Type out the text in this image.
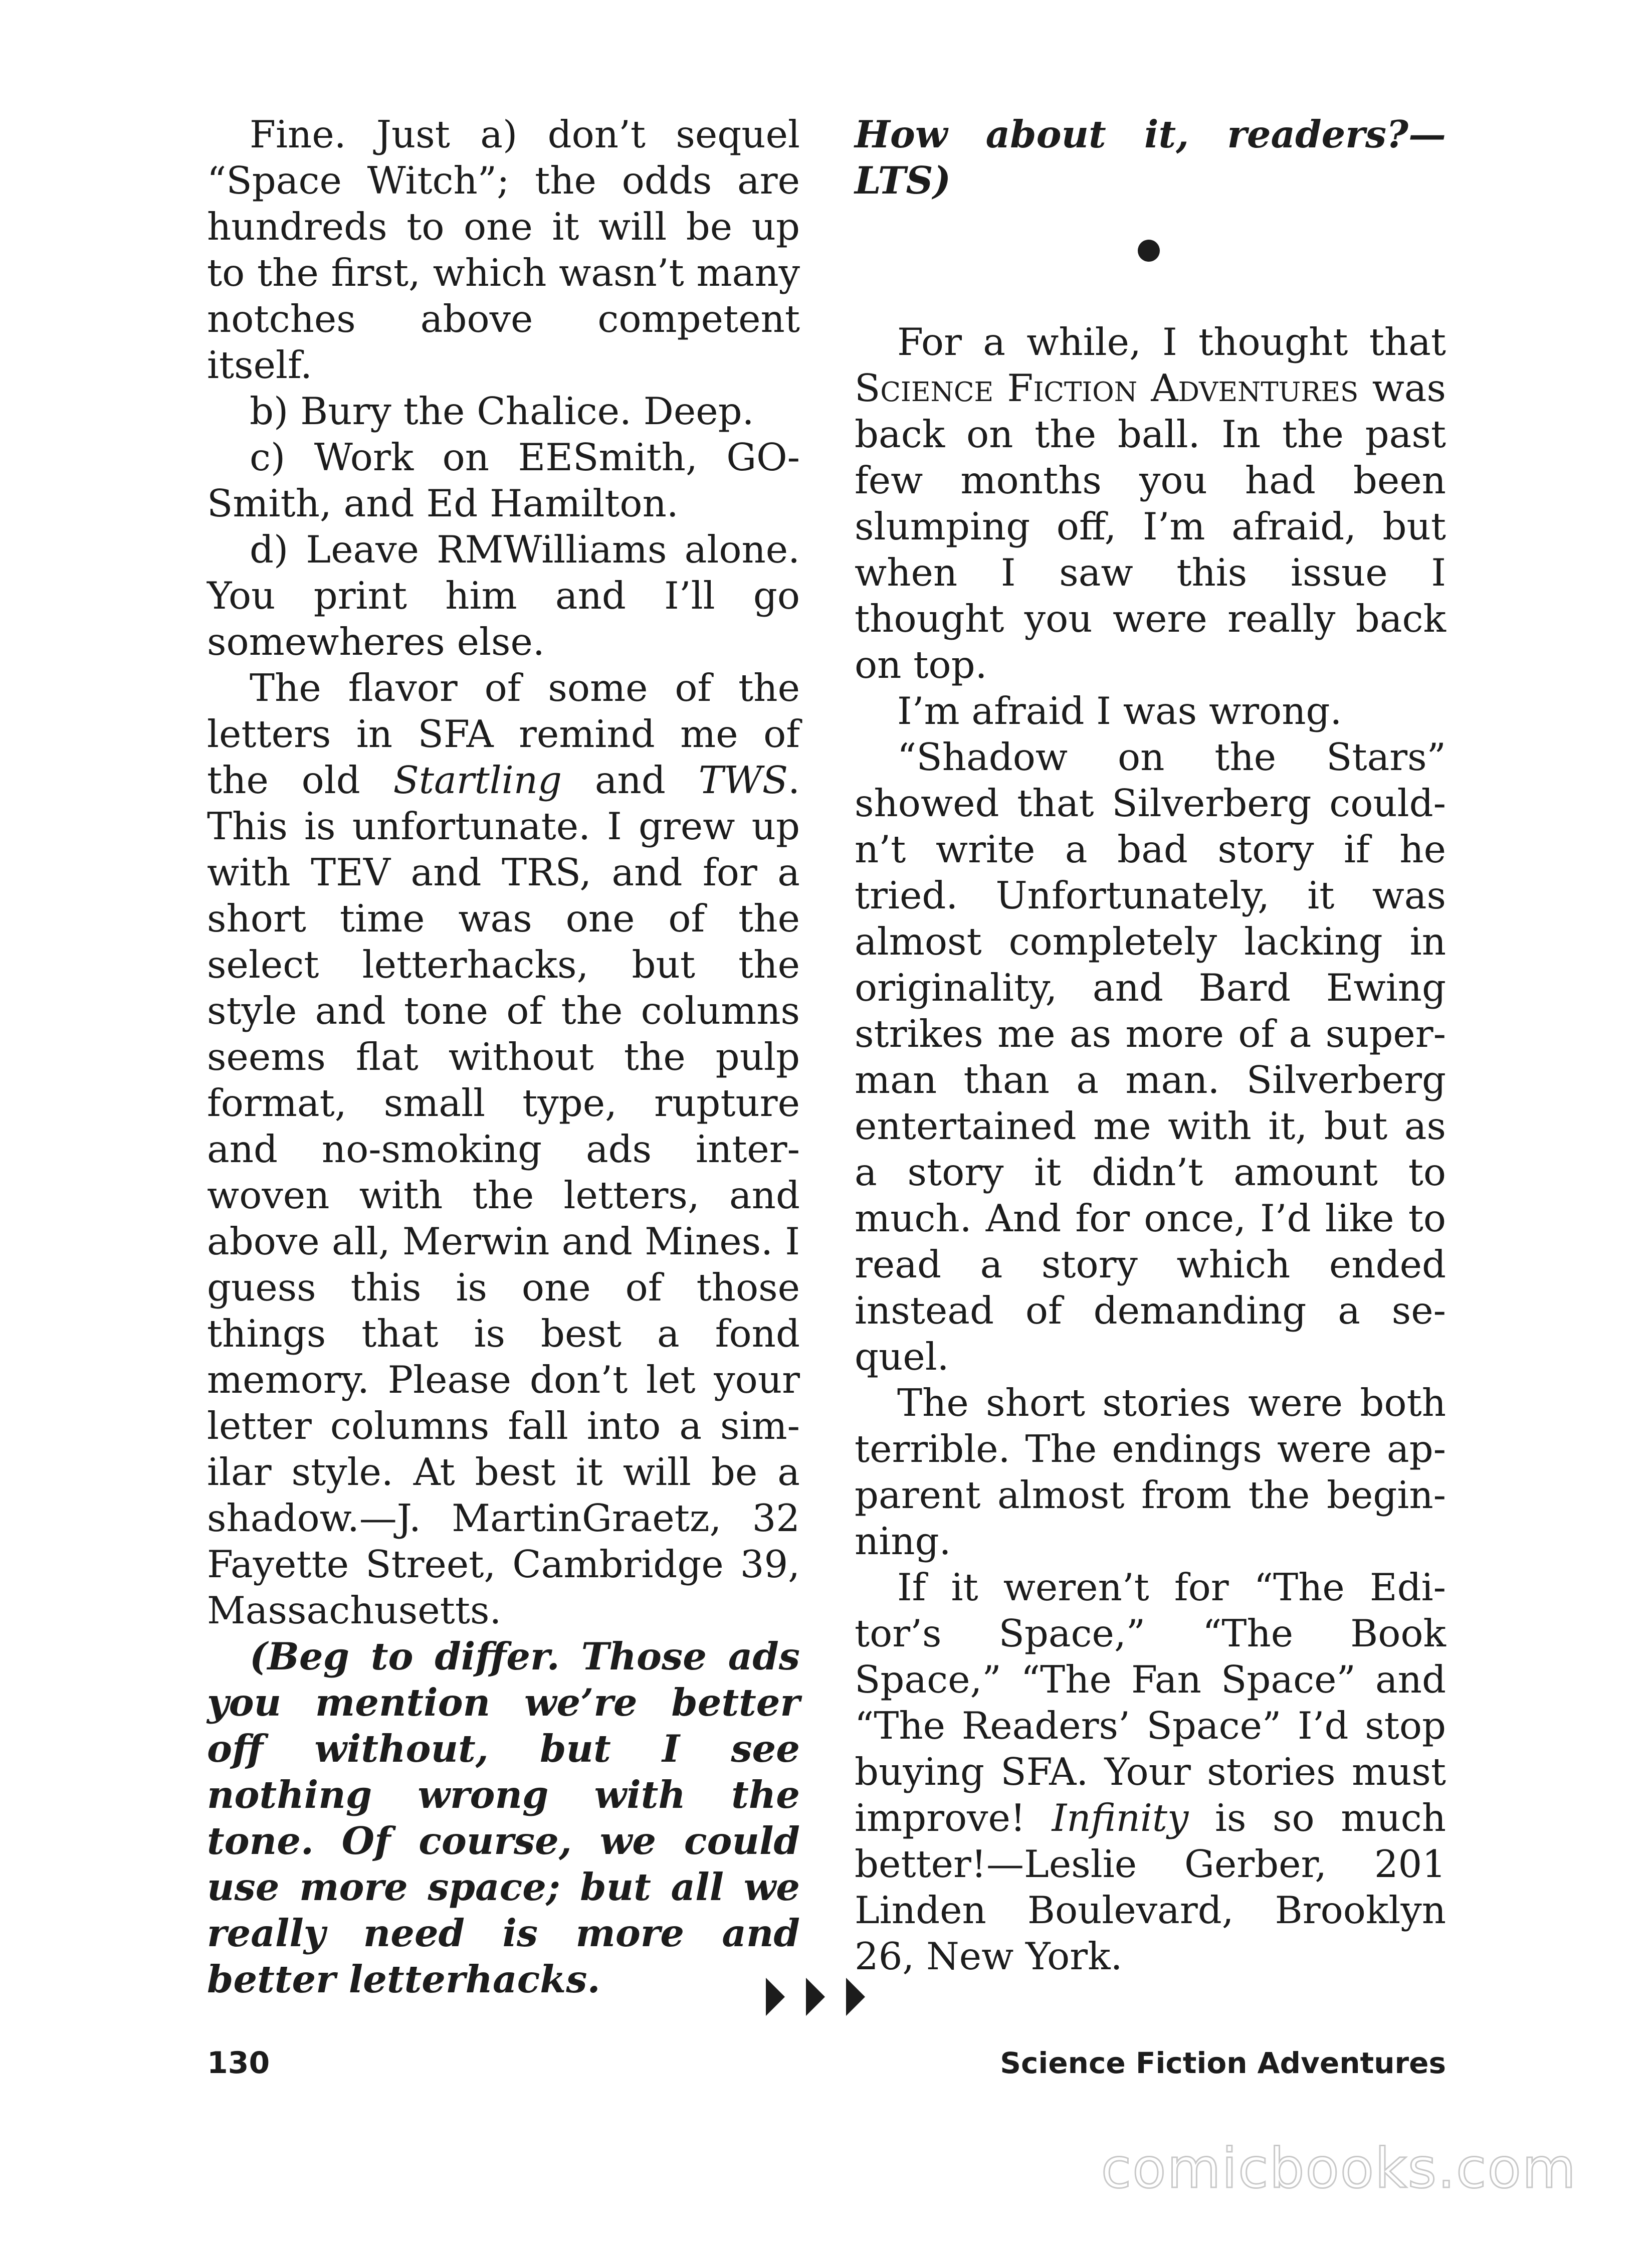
Fine. Just a) don’t sequel “Space Witch”; the odds are hundreds to one it will be up to the first, which wasn’t many notches above competent itself.

b) Bury the Chalice. Deep.

c) Work on EESmith, GOSmith, and Ed Hamilton.

d) Leave RMWilliams alone. You print him and I’ll go somewheres else.

The flavor of some of the letters in SFA remind me of the old Startling and TWS. This is unfortunate. I grew up with TEV and TRS, and for a short time was one of the select letterhacks, but the style and tone of the columns seems flat without the pulp format, small type, rupture and no-smoking ads interwoven with the letters, and above all, Merwin and Mines. I guess this is one of those things that is best a fond memory. Please don’t let your letter columns fall into a similar style. At best it will be a shadow.—J. MartinGraetz, 32 Fayette Street, Cambridge 39, Massachusetts.

(Beg to differ. Those ads you mention we’re better off without, but I see nothing wrong with the tone. Of course, we could use more space; but all we really need is more and better letterhacks.

How about it, readers?—LTS)

For a while, I thought that Science Fiction Adventures was back on the ball. In the past few months you had been slumping off, I’m afraid, but when I saw this issue I thought you were really back on top.

I’m afraid I was wrong.

“Shadow on the Stars” showed that Silverberg couldn’t write a bad story if he tried. Unfortunately, it was almost completely lacking in originality, and Bard Ewing strikes me as more of a superman than a man. Silverberg entertained me with it, but as a story it didn’t amount to much. And for once, I’d like to read a story which ended instead of demanding a sequel.

The short stories were both terrible. The endings were apparent almost from the beginning.

If it weren’t for “The Editor’s Space,” “The Book Space,” “The Fan Space” and “The Readers’ Space” I’d stop buying SFA. Your stories must improve! Infinity is so much better!—Leslie Gerber, 201 Linden Boulevard, Brooklyn 26, New York.

130	Science Fiction Adventures
comicbooks.com
